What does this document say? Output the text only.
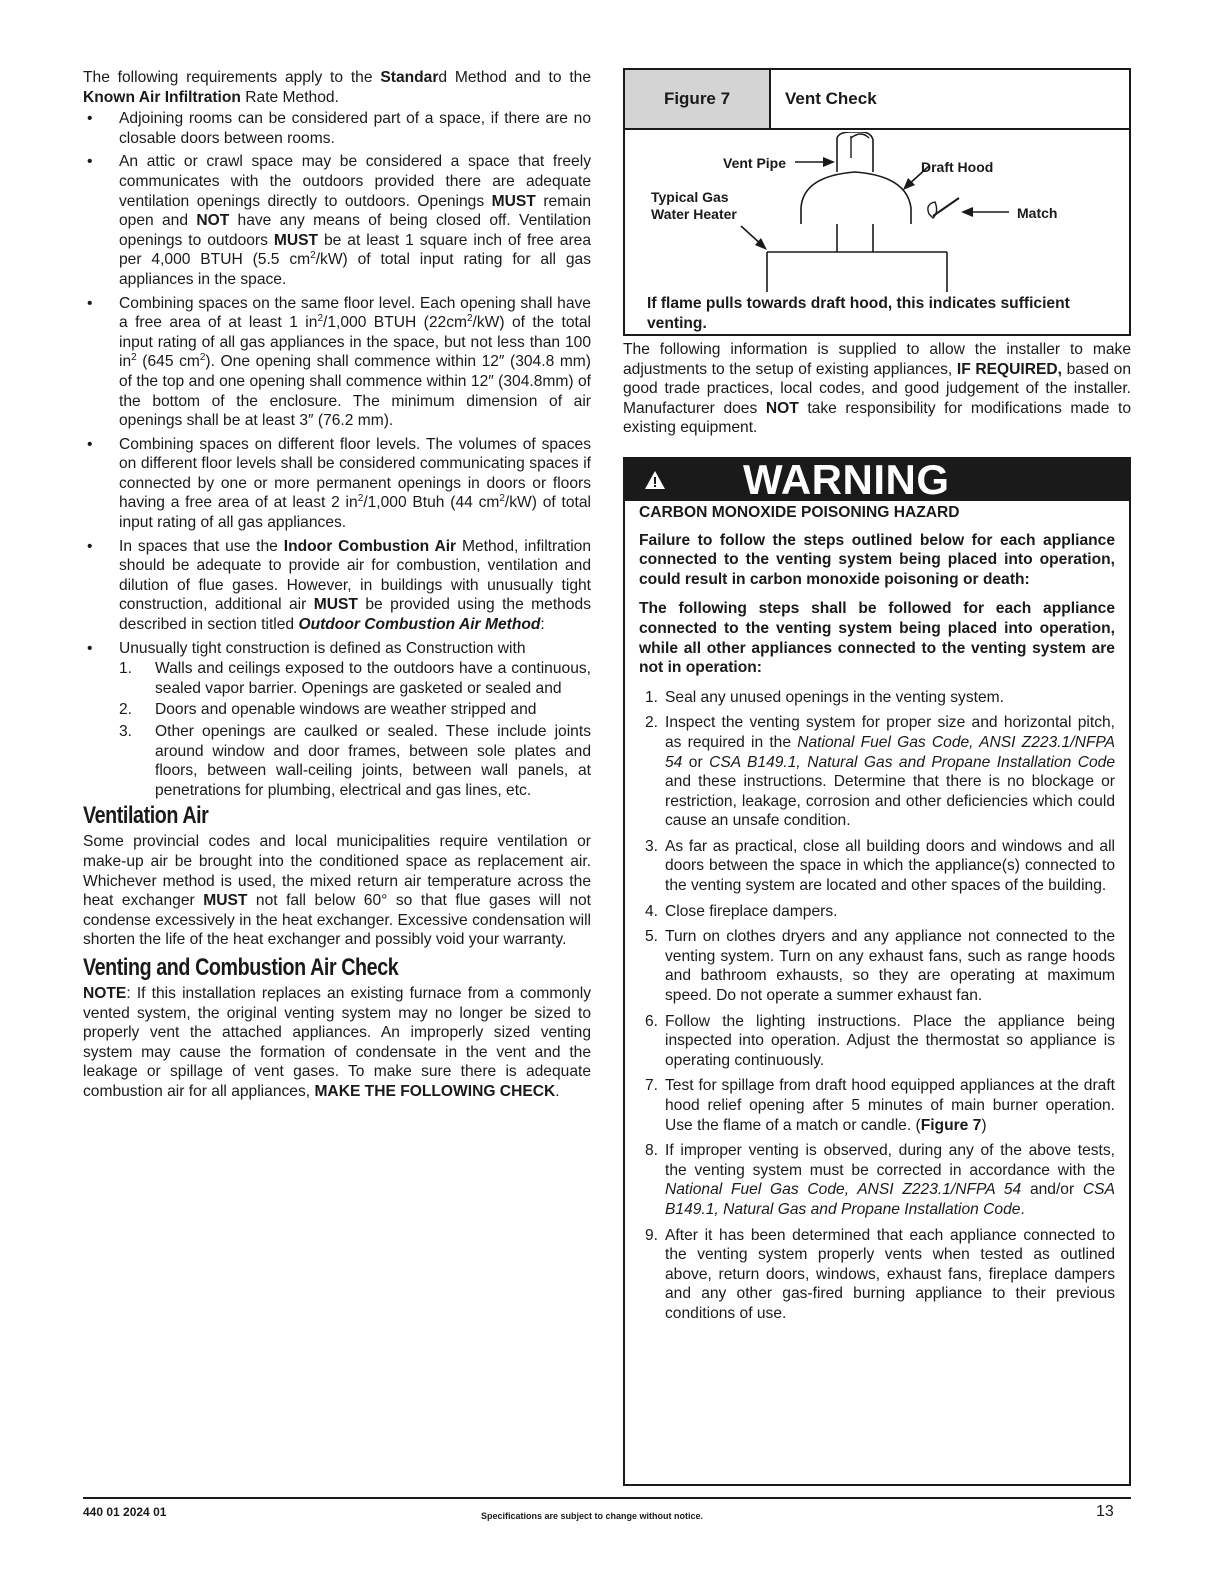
The following requirements apply to the Standard Method and to the Known Air Infiltration Rate Method.

• Adjoining rooms can be considered part of a space, if there are no closable doors between rooms.
• An attic or crawl space may be considered a space that freely communicates with the outdoors provided there are adequate ventilation openings directly to outdoors. Openings MUST remain open and NOT have any means of being closed off. Ventilation openings to outdoors MUST be at least 1 square inch of free area per 4,000 BTUH (5.5 $cm^2/kW$) of total input rating for all gas appliances in the space.
• Combining spaces on the same floor level. Each opening shall have a free area of at least 1 $in^2/1,000$ BTUH $(22cm^2/kW)$ of the total input rating of all gas appliances in the space, but not less than 100 $in^2$ (645 $cm^2$). One opening shall commence within 12″ (304.8 mm) of the top and one opening shall commence within 12″ (304.8mm) of the bottom of the enclosure. The minimum dimension of air openings shall be at least 3″ (76.2 mm).
• Combining spaces on different floor levels. The volumes of spaces on different floor levels shall be considered communicating spaces if connected by one or more permanent openings in doors or floors having a free area of at least 2 $in^2/1,000$ Btuh (44 $cm^2/kW$) of total input rating of all gas appliances.
• In spaces that use the Indoor Combustion Air Method, infiltration should be adequate to provide air for combustion, ventilation and dilution of flue gases. However, in buildings with unusually tight construction, additional air MUST be provided using the methods described in section titled Outdoor Combustion Air Method:
• Unusually tight construction is defined as Construction with
1. Walls and ceilings exposed to the outdoors have a continuous, sealed vapor barrier. Openings are gasketed or sealed and
2. Doors and openable windows are weather stripped and
3. Other openings are caulked or sealed. These include joints around window and door frames, between sole plates and floors, between wall-ceiling joints, between wall panels, at penetrations for plumbing, electrical and gas lines, etc.
Ventilation Air

Some provincial codes and local municipalities require ventilation or make-up air be brought into the conditioned space as replacement air. Whichever method is used, the mixed return air temperature across the heat exchanger MUST not fall below 60° so that flue gases will not condense excessively in the heat exchanger. Excessive condensation will shorten the life of the heat exchanger and possibly void your warranty.

Venting and Combustion Air Check

NOTE: If this installation replaces an existing furnace from a commonly vented system, the original venting system may no longer be sized to properly vent the attached appliances. An improperly sized venting system may cause the formation of condensate in the vent and the leakage or spillage of vent gases. To make sure there is adequate combustion air for all appliances, MAKE THE FOLLOWING CHECK.

Figure 7	Vent Check
Vent Pipe	Draft Hood
Typical Gas
Water Heater	Match

If flame pulls towards draft hood, this indicates sufficient venting.

The following information is supplied to allow the installer to make adjustments to the setup of existing appliances, IF REQUIRED, based on good trade practices, local codes, and good judgement of the installer. Manufacturer does NOT take responsibility for modifications made to existing equipment.

WARNING

CARBON MONOXIDE POISONING HAZARD

Failure to follow the steps outlined below for each appliance connected to the venting system being placed into operation, could result in carbon monoxide poisoning or death:

The following steps shall be followed for each appliance connected to the venting system being placed into operation, while all other appliances connected to the venting system are not in operation:

1. Seal any unused openings in the venting system.
2. Inspect the venting system for proper size and horizontal pitch, as required in the National Fuel Gas Code, ANSI Z223.1/NFPA 54 or CSA B149.1, Natural Gas and Propane Installation Code and these instructions. Determine that there is no blockage or restriction, leakage, corrosion and other deficiencies which could cause an unsafe condition.
3. As far as practical, close all building doors and windows and all doors between the space in which the appliance(s) connected to the venting system are located and other spaces of the building.
4. Close fireplace dampers.
5. Turn on clothes dryers and any appliance not connected to the venting system. Turn on any exhaust fans, such as range hoods and bathroom exhausts, so they are operating at maximum speed. Do not operate a summer exhaust fan.
6. Follow the lighting instructions. Place the appliance being inspected into operation. Adjust the thermostat so appliance is operating continuously.
7. Test for spillage from draft hood equipped appliances at the draft hood relief opening after 5 minutes of main burner operation. Use the flame of a match or candle. (Figure 7)
8. If improper venting is observed, during any of the above tests, the venting system must be corrected in accordance with the National Fuel Gas Code, ANSI Z223.1/NFPA 54 and/or CSA B149.1, Natural Gas and Propane Installation Code.
9. After it has been determined that each appliance connected to the venting system properly vents when tested as outlined above, return doors, windows, exhaust fans, fireplace dampers and any other gas-fired burning appliance to their previous conditions of use.
440 01 2024 01	Specifications are subject to change without notice.	13
